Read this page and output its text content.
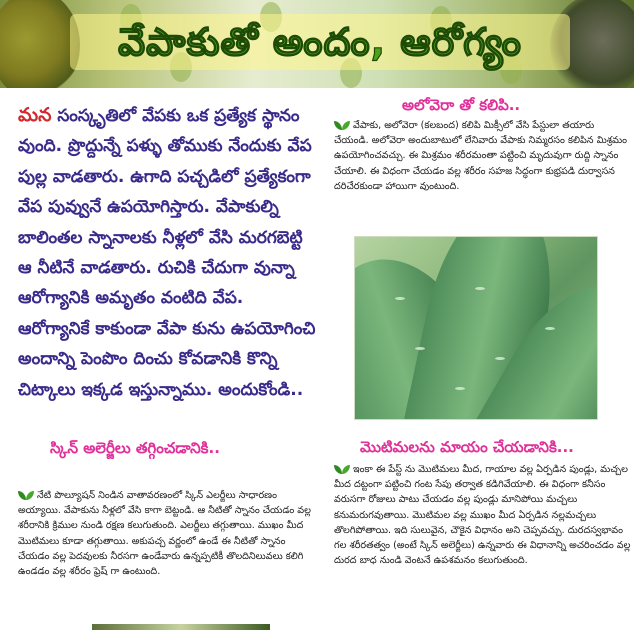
వేపాకుతో అందం, ఆరోగ్యం
మన సంస్కృతిలో వేపకు ఒక ప్రత్యేక స్థానం వుంది. ప్రొద్దున్నే పళ్ళు తోముకు నేందుకు వేప పుల్ల వాడతారు. ఉగాది పచ్చడిలో ప్రత్యేకంగా వేప పువ్వునే ఉపయోగిస్తారు. వేపాకుల్ని బాలింతల స్నానాలకు నీళ్లలో వేసి మరగబెట్టి ఆ నీటినే వాడతారు. రుచికి చేదుగా వున్నా ఆరోగ్యానికి అమృతం వంటిది వేప. ఆరోగ్యానికే కాకుండా వేపా కును ఉపయోగించి అందాన్ని పెంపొం దించు కోవడానికి కొన్ని చిట్కాలు ఇక్కడ ఇస్తున్నాము. అందుకోండి..
స్కిన్ అలెర్జీలు తగ్గించడానికి..
నేటి పొల్యూషన్ నిండిన వాతావరణంలో స్కిన్ ఎలర్జీలు సాధారణం అయ్యాయి. వేపాకును నీళ్లలో వేసి కాగా బెట్టండి. ఆ నీటితో స్నానం చేయడం వల్ల శరీరానికి క్రిముల నుండి రక్షణ కలుగుతుంది. ఎలర్జీలు తగ్గుతాయి. ముఖం మీద మొటిమలు కూడా తగ్గుతాయి. అకుపచ్చ వర్ణంలో ఉండే ఈ నీటితో స్నానం చేయడం వల్ల పెదవులకు నీరసగా ఉండేవారు ఉన్నప్పటికీ తొలదినిలువలు కలిగి ఉండడం వల్ల శరీరం ఫ్రెష్ గా ఉంటుంది.
అలోవెరా తో కలిపి..
వేపాకు, అలోవెరా (కలబంద) కలిపి మిక్సీలో వేసి పేస్టులా తయారు చేయండి. అలోవెరా అందుబాటులో లేనివారు వేపాకు నిమ్మరసం కలిపిన మిశ్రమం ఉపయోగించవచ్చు. ఈ మిశ్రమం శరీరమంతా పట్టించి మృదువుగా రుద్ది స్నానం చేయాలి. ఈ విధంగా చేయడం వల్ల శరీరం సహజ సిద్ధంగా కుభ్రపడి దుర్వాసన దరిచేరకుండా హాయిగా వుంటుంది.
మొటిమలను మాయం చేయడానికి...
ఇంకా ఈ పేస్ట్ ను మొటిమలు మీద, గాయాల వల్ల ఏర్పడిన పుండ్లు, మచ్చల మీద దట్టంగా పట్టించి గంట సేపు తర్వాత కడిగివేయాలి. ఈ విధంగా కనీసం వరుసగా రోజులు పాటు చేయడం వల్ల పుండ్లు మానిపోయి మచ్చలు కనుమరుగవుతాయి. మొటిమల వల్ల ముఖం మీద ఏర్పడిన నల్లమచ్చలు తొలగిపోతాయి. ఇది సులువైన, చౌకైన విధానం అని చెప్పవచ్చు. దురదస్వభావం గల శరీరతత్వం (అంటే స్కిన్ అలెర్జీలు) ఉన్నవారు ఈ విధానాన్ని అచరించడం వల్ల దురద బాధ నుండి వెంటనే ఉపశమనం కలుగుతుంది.
